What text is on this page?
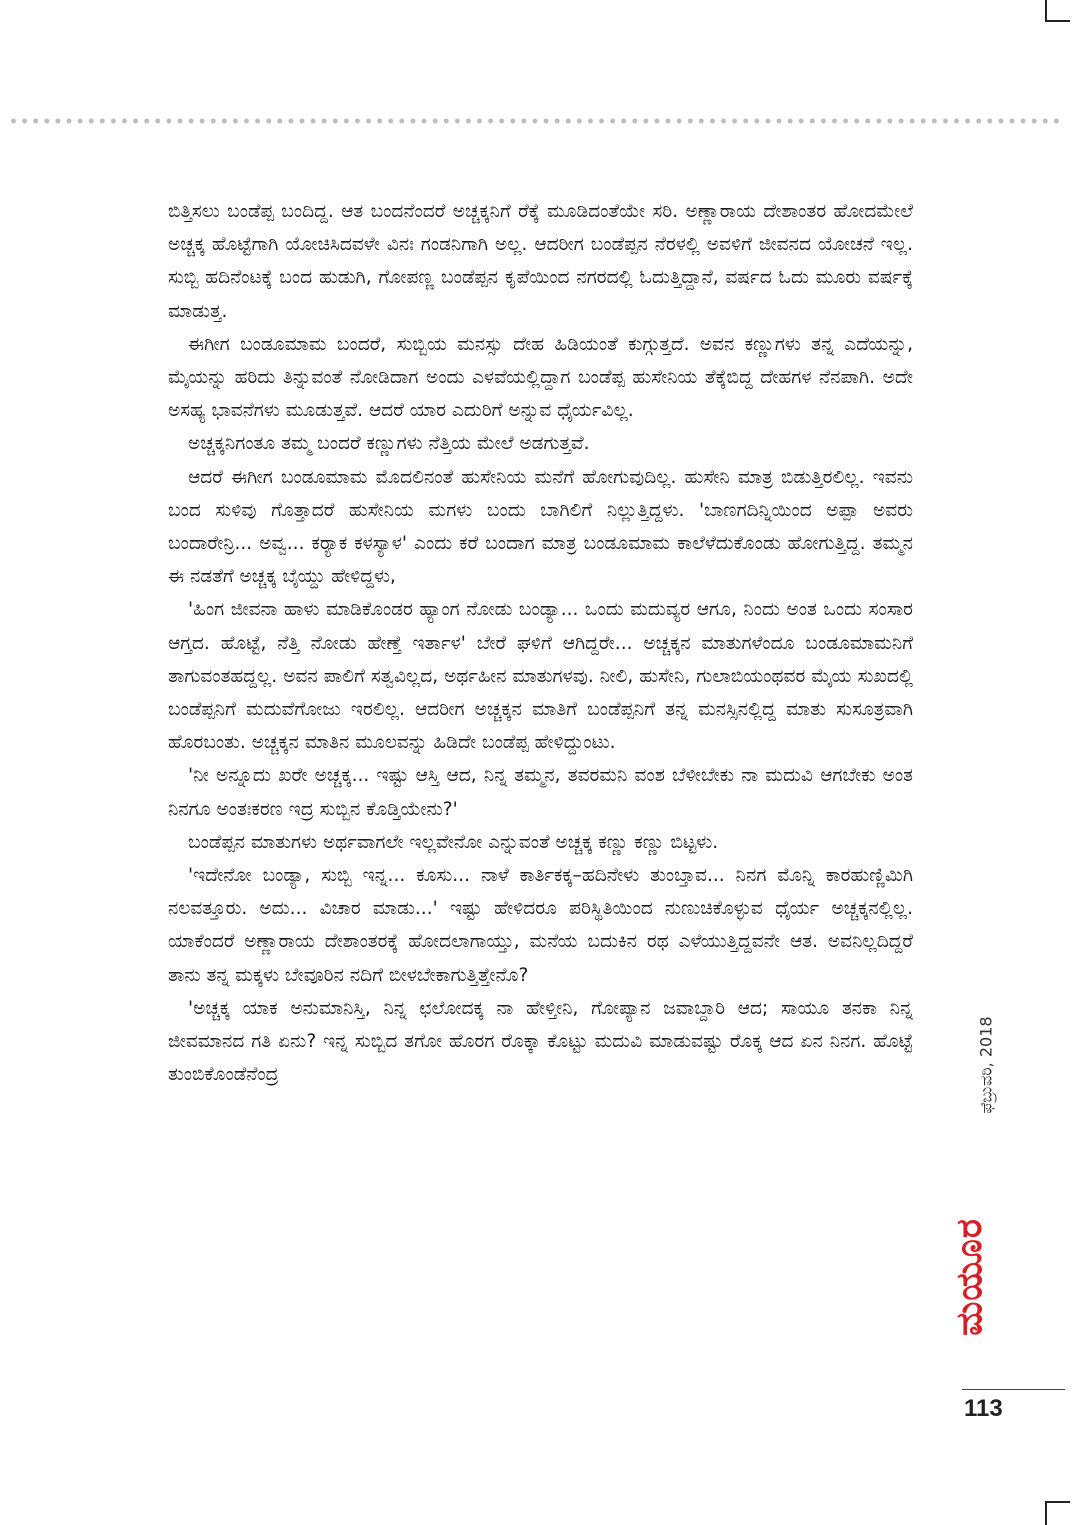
ಬಿತ್ತಿಸಲು ಬಂಡೆಪ್ಪ ಬಂದಿದ್ದ. ಆತ ಬಂದನೆಂದರೆ ಅಚ್ಚಕ್ಕನಿಗೆ ರೆಕ್ಕೆ ಮೂಡಿದಂತೆಯೇ ಸರಿ. ಅಣ್ಣಾರಾಯ ದೇಶಾಂತರ ಹೋದಮೇಲೆ ಅಚ್ಚಕ್ಕ ಹೊಟ್ಟೆಗಾಗಿ ಯೋಚಿಸಿದವಳೇ ವಿನಃ ಗಂಡನಿಗಾಗಿ ಅಲ್ಲ. ಆದರೀಗ ಬಂಡೆಪ್ಪನ ನೆರಳಲ್ಲಿ ಅವಳಿಗೆ ಜೀವನದ ಯೋಚನೆ ಇಲ್ಲ. ಸುಬ್ಬಿ ಹದಿನೆಂಟಕ್ಕೆ ಬಂದ ಹುಡುಗಿ, ಗೋಪಣ್ಣ ಬಂಡೆಪ್ಪನ ಕೃಪೆಯಿಂದ ನಗರದಲ್ಲಿ ಓದುತ್ತಿದ್ದಾನೆ, ವರ್ಷದ ಓದು ಮೂರು ವರ್ಷಕ್ಕೆ ಮಾಡುತ್ತ.

ಈಗೀಗ ಬಂಡೂಮಾಮ ಬಂದರೆ, ಸುಬ್ಬಿಯ ಮನಸ್ಸು ದೇಹ ಹಿಡಿಯಂತೆ ಕುಗ್ಗುತ್ತದೆ. ಅವನ ಕಣ್ಣುಗಳು ತನ್ನ ಎದೆಯನ್ನು, ಮೈಯನ್ನು ಹರಿದು ತಿನ್ನುವಂತೆ ನೋಡಿದಾಗ ಅಂದು ಎಳವೆಯಲ್ಲಿದ್ದಾಗ ಬಂಡೆಪ್ಪ ಹುಸೇನಿಯ ತೆಕ್ಕೆಬಿದ್ದ ದೇಹಗಳ ನೆನಪಾಗಿ. ಅದೇ ಅಸಹ್ಯ ಭಾವನೆಗಳು ಮೂಡುತ್ತವೆ. ಆದರೆ ಯಾರ ಎದುರಿಗೆ ಅನ್ನುವ ಧೈರ್ಯವಿಲ್ಲ.

ಅಚ್ಚಕ್ಕನಿಗಂತೂ ತಮ್ಮ ಬಂದರೆ ಕಣ್ಣುಗಳು ನೆತ್ತಿಯ ಮೇಲೆ ಅಡಗುತ್ತವೆ.

ಆದರೆ ಈಗೀಗ ಬಂಡೂಮಾಮ ಮೊದಲಿನಂತೆ ಹುಸೇನಿಯ ಮನೆಗೆ ಹೋಗುವುದಿಲ್ಲ. ಹುಸೇನಿ ಮಾತ್ರ ಬಿಡುತ್ತಿರಲಿಲ್ಲ. ಇವನು ಬಂದ ಸುಳಿವು ಗೊತ್ತಾದರೆ ಹುಸೇನಿಯ ಮಗಳು ಬಂದು ಬಾಗಿಲಿಗೆ ನಿಲ್ಲುತ್ತಿದ್ದಳು. 'ಬಾಣಗದಿನ್ನಿಯಿಂದ ಅಪ್ಪಾ ಅವರು ಬಂದಾರೇನ್ರಿ... ಅವ್ವ... ಕರ್‍ಯಾಕ ಕಳಸ್ಯಾಳ' ಎಂದು ಕರೆ ಬಂದಾಗ ಮಾತ್ರ ಬಂಡೂಮಾಮ ಕಾಲೆಳೆದುಕೊಂಡು ಹೋಗುತ್ತಿದ್ದ. ತಮ್ಮನ ಈ ನಡತೆಗೆ ಅಚ್ಚಕ್ಕ ಬೈಯ್ದು ಹೇಳಿದ್ದಳು,

'ಹಿಂಗ ಜೀವನಾ ಹಾಳು ಮಾಡಿಕೊಂಡರ ಹ್ಯಾಂಗ ನೋಡು ಬಂಡ್ಯಾ... ಒಂದು ಮದುವ್ಯರ ಆಗೂ, ನಿಂದು ಅಂತ ಒಂದು ಸಂಸಾರ ಆಗ್ತದ. ಹೊಟ್ಟೆ, ನೆತ್ತಿ ನೋಡು ಹೇಣ್ತೆ ಇರ್ತಾಳ' ಬೇರೆ ಘಳಿಗೆ ಆಗಿದ್ದರೇ... ಅಚ್ಚಕ್ಕನ ಮಾತುಗಳೆಂದೂ ಬಂಡೂಮಾಮನಿಗೆ ತಾಗುವಂತಹದ್ದಲ್ಲ. ಅವನ ಪಾಲಿಗೆ ಸತ್ವವಿಲ್ಲದ, ಅರ್ಥಹೀನ ಮಾತುಗಳವು. ನೀಲಿ, ಹುಸೇನಿ, ಗುಲಾಬಿಯಂಥವರ ಮೈಯ ಸುಖದಲ್ಲಿ ಬಂಡೆಪ್ಪನಿಗೆ ಮದುವೆಗೋಜು ಇರಲಿಲ್ಲ. ಆದರೀಗ ಅಚ್ಚಕ್ಕನ ಮಾತಿಗೆ ಬಂಡೆಪ್ಪನಿಗೆ ತನ್ನ ಮನಸ್ಸಿನಲ್ಲಿದ್ದ ಮಾತು ಸುಸೂತ್ರವಾಗಿ ಹೊರಬಂತು. ಅಚ್ಚಕ್ಕನ ಮಾತಿನ ಮೂಲವನ್ನು ಹಿಡಿದೇ ಬಂಡೆಪ್ಪ ಹೇಳಿದ್ದುಂಟು.

'ನೀ ಅನ್ನೂದು ಖರೇ ಅಚ್ಚಕ್ಕ... ಇಷ್ಟು ಆಸ್ತಿ ಆದ, ನಿನ್ನ ತಮ್ಮನ, ತವರಮನಿ ವಂಶ ಬೆಳೀಬೇಕು ನಾ ಮದುವಿ ಆಗಬೇಕು ಅಂತ ನಿನಗೂ ಅಂತಃಕರಣ ಇದ್ರ ಸುಬ್ಬಿನ ಕೊಡ್ತಿಯೇನು?'

ಬಂಡೆಪ್ಪನ ಮಾತುಗಳು ಅರ್ಥವಾಗಲೇ ಇಲ್ಲವೇನೋ ಎನ್ನುವಂತೆ ಅಚ್ಚಕ್ಕ ಕಣ್ಣು ಕಣ್ಣು ಬಿಟ್ಟಳು.

'ಇದೇನೋ ಬಂಡ್ಯಾ, ಸುಬ್ಬಿ ಇನ್ನ... ಕೂಸು... ನಾಳೆ ಕಾರ್ತಿಕಕ್ಕ–ಹದಿನೇಳು ತುಂಬ್ತಾವ... ನಿನಗ ಮೊನ್ನಿ ಕಾರಹುಣ್ಣಿಮಿಗಿ ನಲವತ್ತೂರು. ಅದು... ವಿಚಾರ ಮಾಡು...' ಇಷ್ಟು ಹೇಳಿದರೂ ಪರಿಸ್ಥಿತಿಯಿಂದ ನುಣುಚಿಕೊಳ್ಳುವ ಧೈರ್ಯ ಅಚ್ಚಕ್ಕನಲ್ಲಿಲ್ಲ. ಯಾಕೆಂದರೆ ಅಣ್ಣಾರಾಯ ದೇಶಾಂತರಕ್ಕೆ ಹೋದಲಾಗಾಯ್ತು, ಮನೆಯ ಬದುಕಿನ ರಥ ಎಳೆಯುತ್ತಿದ್ದವನೇ ಆತ. ಅವನಿಲ್ಲದಿದ್ದರೆ ತಾನು ತನ್ನ ಮಕ್ಕಳು ಬೇವೂರಿನ ನದಿಗೆ ಬೀಳಬೇಕಾಗುತ್ತಿತ್ತೇನೊ?

'ಅಚ್ಚಕ್ಕ ಯಾಕ ಅನುಮಾನಿಸ್ತಿ, ನಿನ್ನ ಛಲೋದಕ್ಕ ನಾ ಹೇಳ್ತೀನಿ, ಗೋಪ್ಯಾನ ಜವಾಬ್ದಾರಿ ಆದ; ಸಾಯೂ ತನಕಾ ನಿನ್ನ ಜೀವಮಾನದ ಗತಿ ಏನು? ಇನ್ನ ಸುಬ್ಬಿದ ತಗೋ ಹೊರಗ ರೊಕ್ಕಾ ಕೊಟ್ಟು ಮದುವಿ ಮಾಡುವಷ್ಟು ರೊಕ್ಕ ಆದ ಏನ ನಿನಗ. ಹೊಟ್ಟೆ ತುಂಬಿಕೊಂಡೆನೆಂದ್ರ	ಫೆಬ್ರುವರಿ, 2018
ಮಯೂರ
113
